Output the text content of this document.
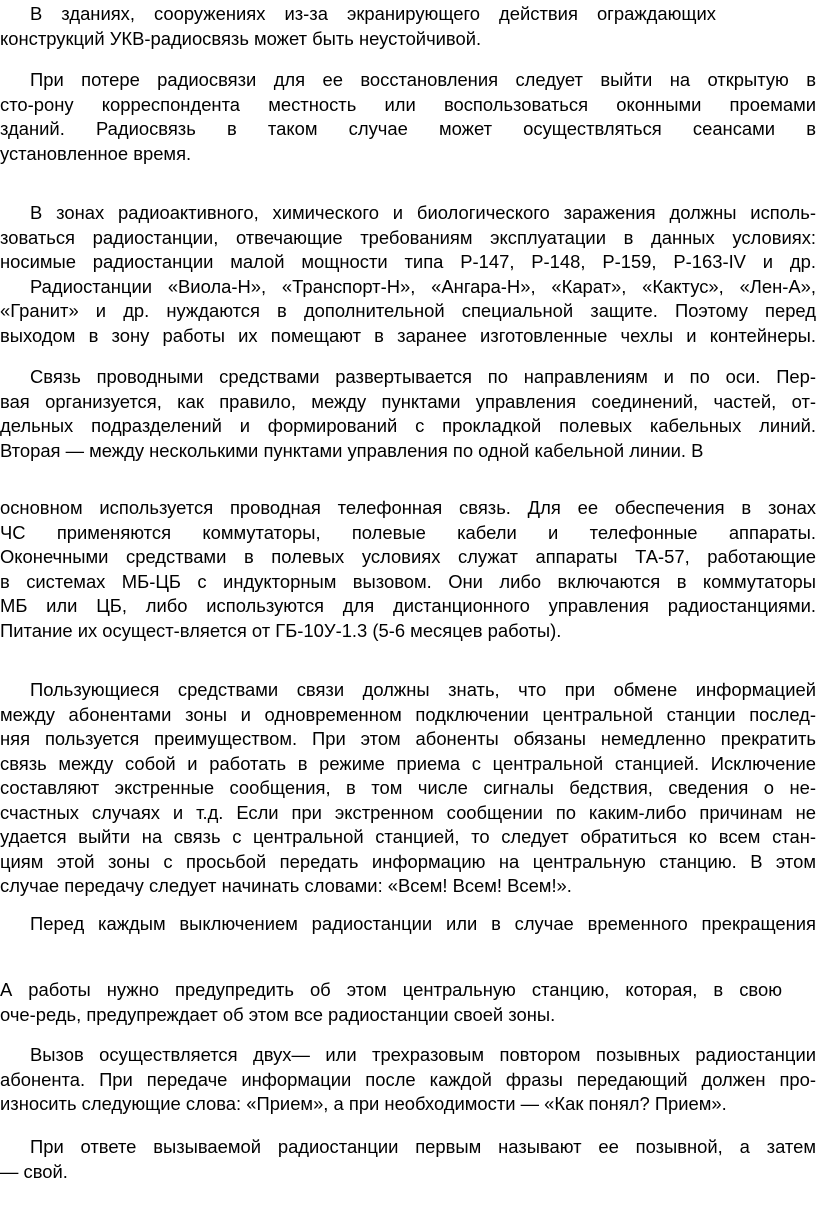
В зданиях, сооружениях из-за экранирующего действия ограждающих
конструкций УКВ-радиосвязь может быть неустойчивой.
При потере радиосвязи для ее восстановления следует выйти на открытую в
сто-рону корреспондента местность или воспользоваться оконными проемами
зданий. Радиосвязь в таком случае может осуществляться сеансами в
установленное время.
В зонах радиоактивного, химического и биологического заражения должны исполь-
зоваться радиостанции, отвечающие требованиям эксплуатации в данных условиях:
носимые радиостанции малой мощности типа Р-147, Р-148, Р-159, Р-163-IV и др.
Радиостанции «Виола-Н», «Транспорт-Н», «Ангара-Н», «Карат», «Кактус», «Лен-А»,
«Гранит» и др. нуждаются в дополнительной специальной защите. Поэтому перед
выходом в зону работы их помещают в заранее изготовленные чехлы и контейнеры.
Связь проводными средствами развертывается по направлениям и по оси. Пер-
вая организуется, как правило, между пунктами управления соединений, частей, от-
дельных подразделений и формирований с прокладкой полевых кабельных линий.
Вторая — между несколькими пунктами управления по одной кабельной линии. В
основном используется проводная телефонная связь. Для ее обеспечения в зонах
ЧС применяются коммутаторы, полевые кабели и телефонные аппараты.
Оконечными средствами в полевых условиях служат аппараты ТА-57, работающие
в системах МБ-ЦБ с индукторным вызовом. Они либо включаются в коммутаторы
МБ или ЦБ, либо используются для дистанционного управления радиостанциями.
Питание их осущест-вляется от ГБ-10У-1.3 (5-6 месяцев работы).
Пользующиеся средствами связи должны знать, что при обмене информацией
между абонентами зоны и одновременном подключении центральной станции послед-
няя пользуется преимуществом. При этом абоненты обязаны немедленно прекратить
связь между собой и работать в режиме приема с центральной станцией. Исключение
составляют экстренные сообщения, в том числе сигналы бедствия, сведения о не-
счастных случаях и т.д. Если при экстренном сообщении по каким-либо причинам не
удается выйти на связь с центральной станцией, то следует обратиться ко всем стан-
циям этой зоны с просьбой передать информацию на центральную станцию. В этом
случае передачу следует начинать словами: «Всем! Всем! Всем!».
Перед каждым выключением радиостанции или в случае временного прекращения
А работы нужно предупредить об этом центральную станцию, которая, в свою
оче-редь, предупреждает об этом все радиостанции своей зоны.
Вызов осуществляется двух— или трехразовым повтором позывных радиостанции
абонента. При передаче информации после каждой фразы передающий должен про-
износить следующие слова: «Прием», а при необходимости — «Как понял? Прием».
При ответе вызываемой радиостанции первым называют ее позывной, а затем
— свой.
